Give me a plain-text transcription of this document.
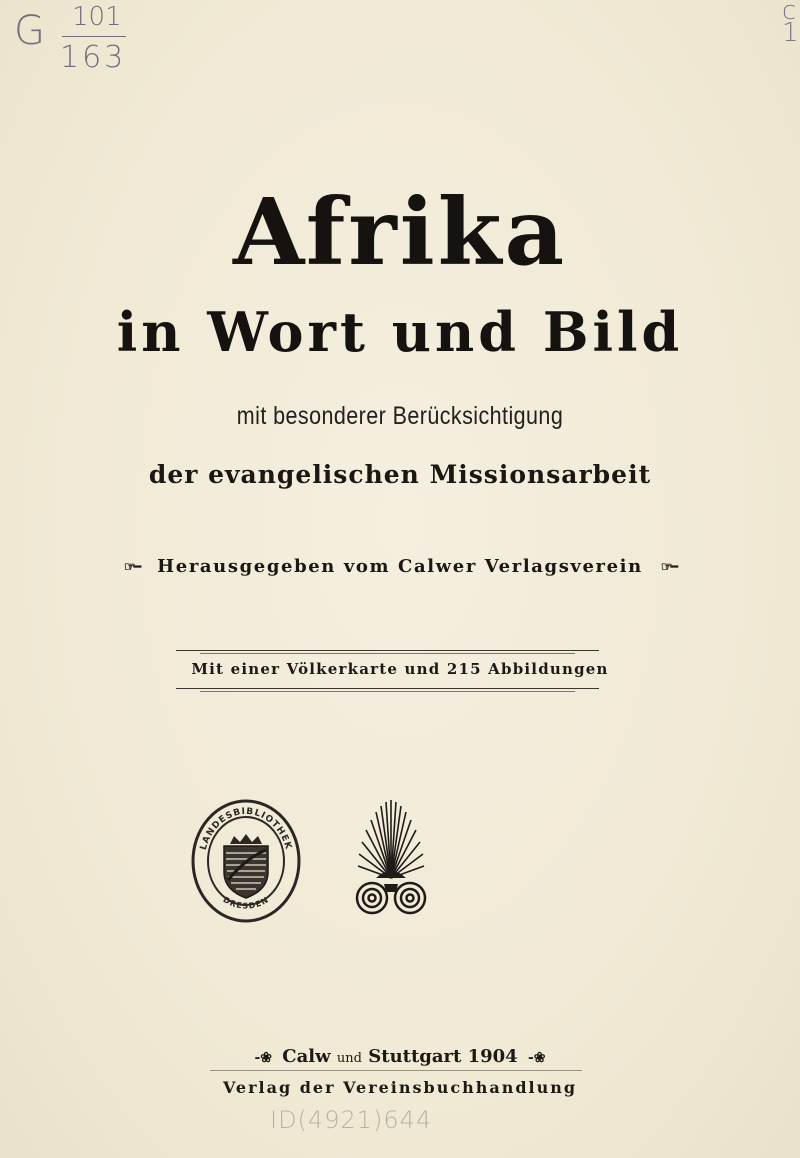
G 101
163
c
1
Afrika
in Wort und Bild
mit besonderer Berücksichtigung
der evangelischen Missionsarbeit
☞━ Herausgegeben vom Calwer Verlagsverein ☞━
Mit einer Völkerkarte und 215 Abbildungen
LANDESBIBLIOTHEK
DRESDEN
-❀ Calw und Stuttgart 1904 -❀
Verlag der Vereinsbuchhandlung
ID(4921)644
